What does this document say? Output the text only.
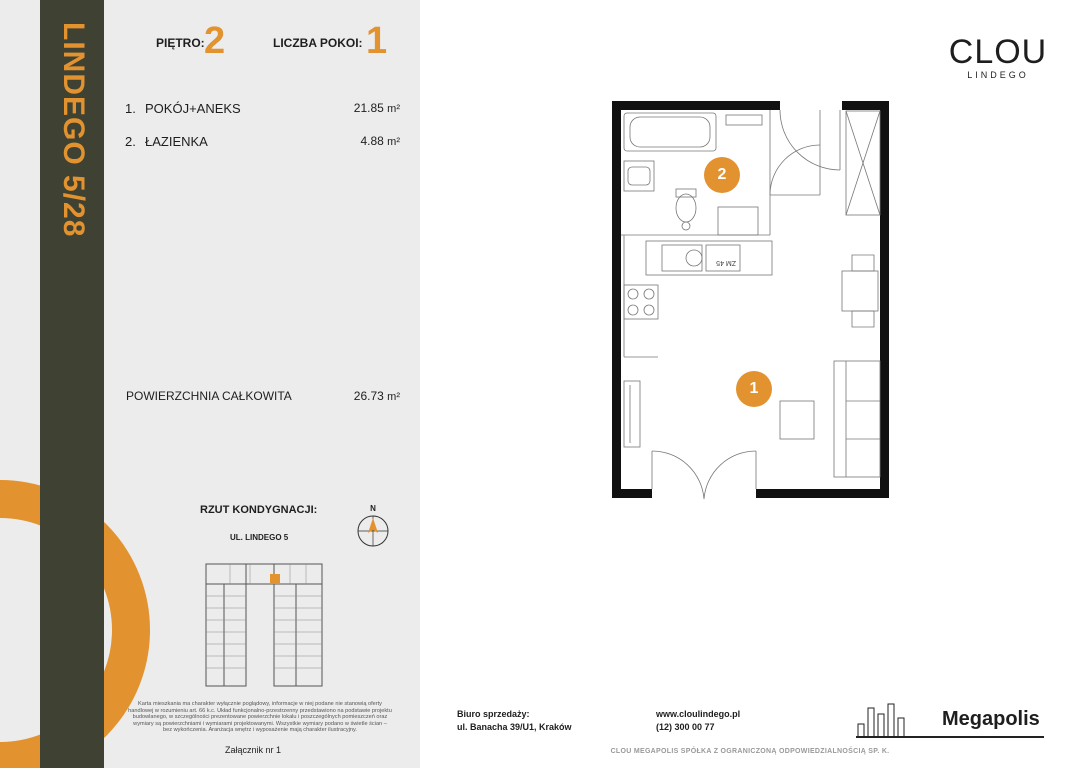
LINDEGO 5/28	PIĘTRO: 2	LICZBA POKOI: 1
1. POKÓJ+ANEKS	21.85 m²
2. ŁAZIENKA	4.88 m²
POWIERZCHNIA CAŁKOWITA	26.73 m²
RZUT KONDYGNACJI:
UL. LINDEGO 5
N
Karta mieszkania ma charakter wyłącznie poglądowy, informacje w niej podane nie stanowią oferty handlowej w rozumieniu art. 66 k.c. Układ funkcjonalno-przestrzenny przedstawiono na podstawie projektu budowlanego, w szczególności prezentowane powierzchnie lokalu i poszczególnych pomieszczeń oraz wymiary są powierzchniami i wymiarami projektowanymi. Wszystkie wymiary podano w świetle ścian – bez wykończenia. Aranżacja wnętrz i wyposażenie mają charakter ilustracyjny.
Załącznik nr 1
ZM 45
2
1
CLOU
LINDEGO
Biuro sprzedaży:
ul. Banacha 39/U1, Kraków
www.cloulindego.pl
(12) 300 00 77
CLOU MEGAPOLIS SPÓŁKA Z OGRANICZONĄ ODPOWIEDZIALNOŚCIĄ SP. K.
Megapolis
